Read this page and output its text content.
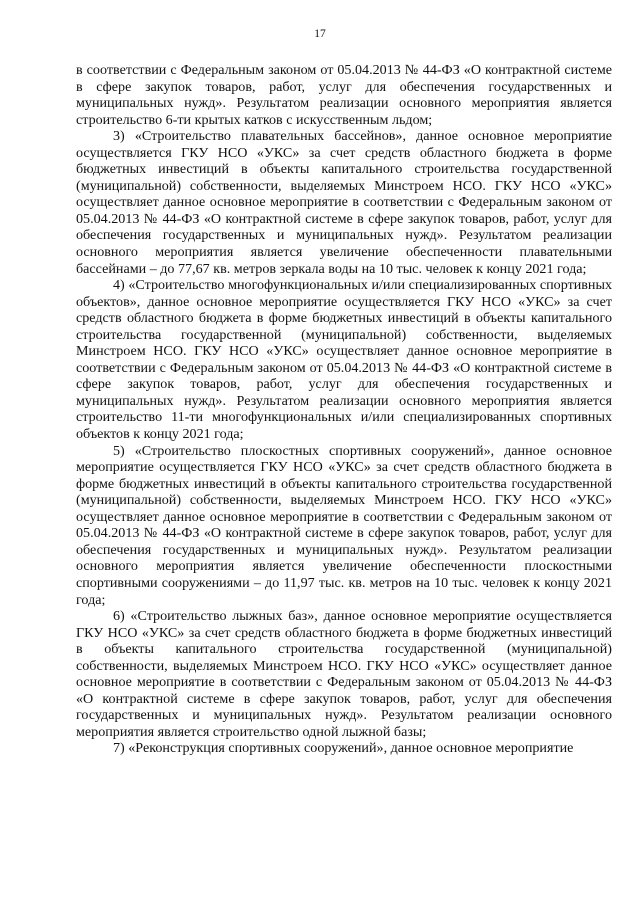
17

в соответствии с Федеральным законом от 05.04.2013 № 44-ФЗ «О контрактной системе в сфере закупок товаров, работ, услуг для обеспечения государственных и муниципальных нужд». Результатом реализации основного мероприятия является строительство 6-ти крытых катков с искусственным льдом;

3) «Строительство плавательных бассейнов», данное основное мероприятие осуществляется ГКУ НСО «УКС» за счет средств областного бюджета в форме бюджетных инвестиций в объекты капитального строительства государственной (муниципальной) собственности, выделяемых Минстроем НСО. ГКУ НСО «УКС» осуществляет данное основное мероприятие в соответствии с Федеральным законом от 05.04.2013 № 44-ФЗ «О контрактной системе в сфере закупок товаров, работ, услуг для обеспечения государственных и муниципальных нужд». Результатом реализации основного мероприятия является увеличение обеспеченности плавательными бассейнами – до 77,67 кв. метров зеркала воды на 10 тыс. человек к концу 2021 года;

4) «Строительство многофункциональных и/или специализированных спортивных объектов», данное основное мероприятие осуществляется ГКУ НСО «УКС» за счет средств областного бюджета в форме бюджетных инвестиций в объекты капитального строительства государственной (муниципальной) собственности, выделяемых Минстроем НСО. ГКУ НСО «УКС» осуществляет данное основное мероприятие в соответствии с Федеральным законом от 05.04.2013 № 44-ФЗ «О контрактной системе в сфере закупок товаров, работ, услуг для обеспечения государственных и муниципальных нужд». Результатом реализации основного мероприятия является строительство 11-ти многофункциональных и/или специализированных спортивных объектов к концу 2021 года;

5) «Строительство плоскостных спортивных сооружений», данное основное мероприятие осуществляется ГКУ НСО «УКС» за счет средств областного бюджета в форме бюджетных инвестиций в объекты капитального строительства государственной (муниципальной) собственности, выделяемых Минстроем НСО. ГКУ НСО «УКС» осуществляет данное основное мероприятие в соответствии с Федеральным законом от 05.04.2013 № 44-ФЗ «О контрактной системе в сфере закупок товаров, работ, услуг для обеспечения государственных и муниципальных нужд». Результатом реализации основного мероприятия является увеличение обеспеченности плоскостными спортивными сооружениями – до 11,97 тыс. кв. метров на 10 тыс. человек к концу 2021 года;

6) «Строительство лыжных баз», данное основное мероприятие осуществляется ГКУ НСО «УКС» за счет средств областного бюджета в форме бюджетных инвестиций в объекты капитального строительства государственной (муниципальной) собственности, выделяемых Минстроем НСО. ГКУ НСО «УКС» осуществляет данное основное мероприятие в соответствии с Федеральным законом от 05.04.2013 № 44-ФЗ «О контрактной системе в сфере закупок товаров, работ, услуг для обеспечения государственных и муниципальных нужд». Результатом реализации основного мероприятия является строительство одной лыжной базы;

7) «Реконструкция спортивных сооружений», данное основное мероприятие
